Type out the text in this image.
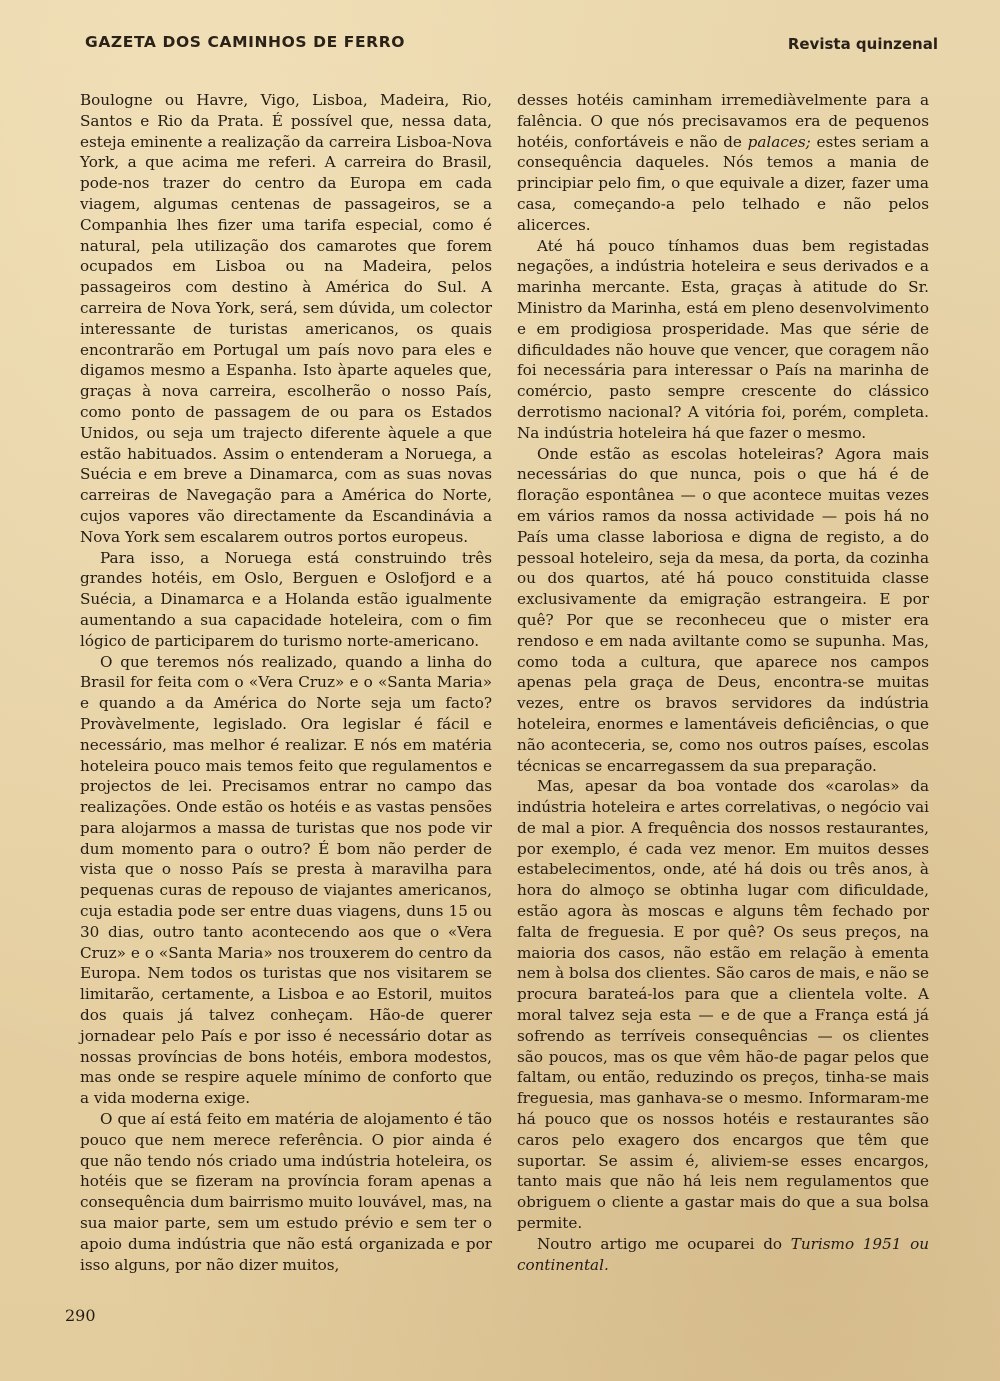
GAZETA DOS CAMINHOS DE FERRO	Revista quinzenal

Boulogne ou Havre, Vigo, Lisboa, Madeira, Rio, Santos e Rio da Prata. É possível que, nessa data, esteja eminente a realização da carreira Lisboa-Nova York, a que acima me referi. A carreira do Brasil, pode-nos trazer do centro da Europa em cada viagem, algumas centenas de passageiros, se a Companhia lhes fizer uma tarifa especial, como é natural, pela utilização dos camarotes que forem ocupados em Lisboa ou na Madeira, pelos passageiros com destino à América do Sul. A carreira de Nova York, será, sem dúvida, um colector interessante de turistas americanos, os quais encontrarão em Portugal um país novo para eles e digamos mesmo a Espanha. Isto àparte aqueles que, graças à nova carreira, escolherão o nosso País, como ponto de passagem de ou para os Estados Unidos, ou seja um trajecto diferente àquele a que estão habituados. Assim o entenderam a Noruega, a Suécia e em breve a Dinamarca, com as suas novas carreiras de Navegação para a América do Norte, cujos vapores vão directamente da Escandinávia a Nova York sem escalarem outros portos europeus.

Para isso, a Noruega está construindo três grandes hotéis, em Oslo, Berguen e Oslofjord e a Suécia, a Dinamarca e a Holanda estão igualmente aumentando a sua capacidade hoteleira, com o fim lógico de participarem do turismo norte-americano.

O que teremos nós realizado, quando a linha do Brasil for feita com o «Vera Cruz» e o «Santa Maria» e quando a da América do Norte seja um facto? Provàvelmente, legislado. Ora legislar é fácil e necessário, mas melhor é realizar. E nós em matéria hoteleira pouco mais temos feito que regulamentos e projectos de lei. Precisamos entrar no campo das realizações. Onde estão os hotéis e as vastas pensões para alojarmos a massa de turistas que nos pode vir dum momento para o outro? É bom não perder de vista que o nosso País se presta à maravilha para pequenas curas de repouso de viajantes americanos, cuja estadia pode ser entre duas viagens, duns 15 ou 30 dias, outro tanto acontecendo aos que o «Vera Cruz» e o «Santa Maria» nos trouxerem do centro da Europa. Nem todos os turistas que nos visitarem se limitarão, certamente, a Lisboa e ao Estoril, muitos dos quais já talvez conheçam. Hão-de querer jornadear pelo País e por isso é necessário dotar as nossas províncias de bons hotéis, embora modestos, mas onde se respire aquele mínimo de conforto que a vida moderna exige.

O que aí está feito em matéria de alojamento é tão pouco que nem merece referência. O pior ainda é que não tendo nós criado uma indústria hoteleira, os hotéis que se fizeram na província foram apenas a consequência dum bairrismo muito louvável, mas, na sua maior parte, sem um estudo prévio e sem ter o apoio duma indústria que não está organizada e por isso alguns, por não dizer muitos,

desses hotéis caminham irremediàvelmente para a falência. O que nós precisavamos era de pequenos hotéis, confortáveis e não de palaces; estes seriam a consequência daqueles. Nós temos a mania de principiar pelo fim, o que equivale a dizer, fazer uma casa, começando-a pelo telhado e não pelos alicerces.

Até há pouco tínhamos duas bem registadas negações, a indústria hoteleira e seus derivados e a marinha mercante. Esta, graças à atitude do Sr. Ministro da Marinha, está em pleno desenvolvimento e em prodigiosa prosperidade. Mas que série de dificuldades não houve que vencer, que coragem não foi necessária para interessar o País na marinha de comércio, pasto sempre crescente do clássico derrotismo nacional? A vitória foi, porém, completa. Na indústria hoteleira há que fazer o mesmo.

Onde estão as escolas hoteleiras? Agora mais necessárias do que nunca, pois o que há é de floração espontânea — o que acontece muitas vezes em vários ramos da nossa actividade — pois há no País uma classe laboriosa e digna de registo, a do pessoal hoteleiro, seja da mesa, da porta, da cozinha ou dos quartos, até há pouco constituida classe exclusivamente da emigração estrangeira. E por quê? Por que se reconheceu que o mister era rendoso e em nada aviltante como se supunha. Mas, como toda a cultura, que aparece nos campos apenas pela graça de Deus, encontra-se muitas vezes, entre os bravos servidores da indústria hoteleira, enormes e lamentáveis deficiências, o que não aconteceria, se, como nos outros países, escolas técnicas se encarregassem da sua preparação.

Mas, apesar da boa vontade dos «carolas» da indústria hoteleira e artes correlativas, o negócio vai de mal a pior. A frequência dos nossos restaurantes, por exemplo, é cada vez menor. Em muitos desses estabelecimentos, onde, até há dois ou três anos, à hora do almoço se obtinha lugar com dificuldade, estão agora às moscas e alguns têm fechado por falta de freguesia. E por quê? Os seus preços, na maioria dos casos, não estão em relação à ementa nem à bolsa dos clientes. São caros de mais, e não se procura barateá-los para que a clientela volte. A moral talvez seja esta — e de que a França está já sofrendo as terríveis consequências — os clientes são poucos, mas os que vêm hão-de pagar pelos que faltam, ou então, reduzindo os preços, tinha-se mais freguesia, mas ganhava-se o mesmo. Informaram-me há pouco que os nossos hotéis e restaurantes são caros pelo exagero dos encargos que têm que suportar. Se assim é, aliviem-se esses encargos, tanto mais que não há leis nem regulamentos que obriguem o cliente a gastar mais do que a sua bolsa permite.

Noutro artigo me ocuparei do Turismo 1951 ou continental.

290
